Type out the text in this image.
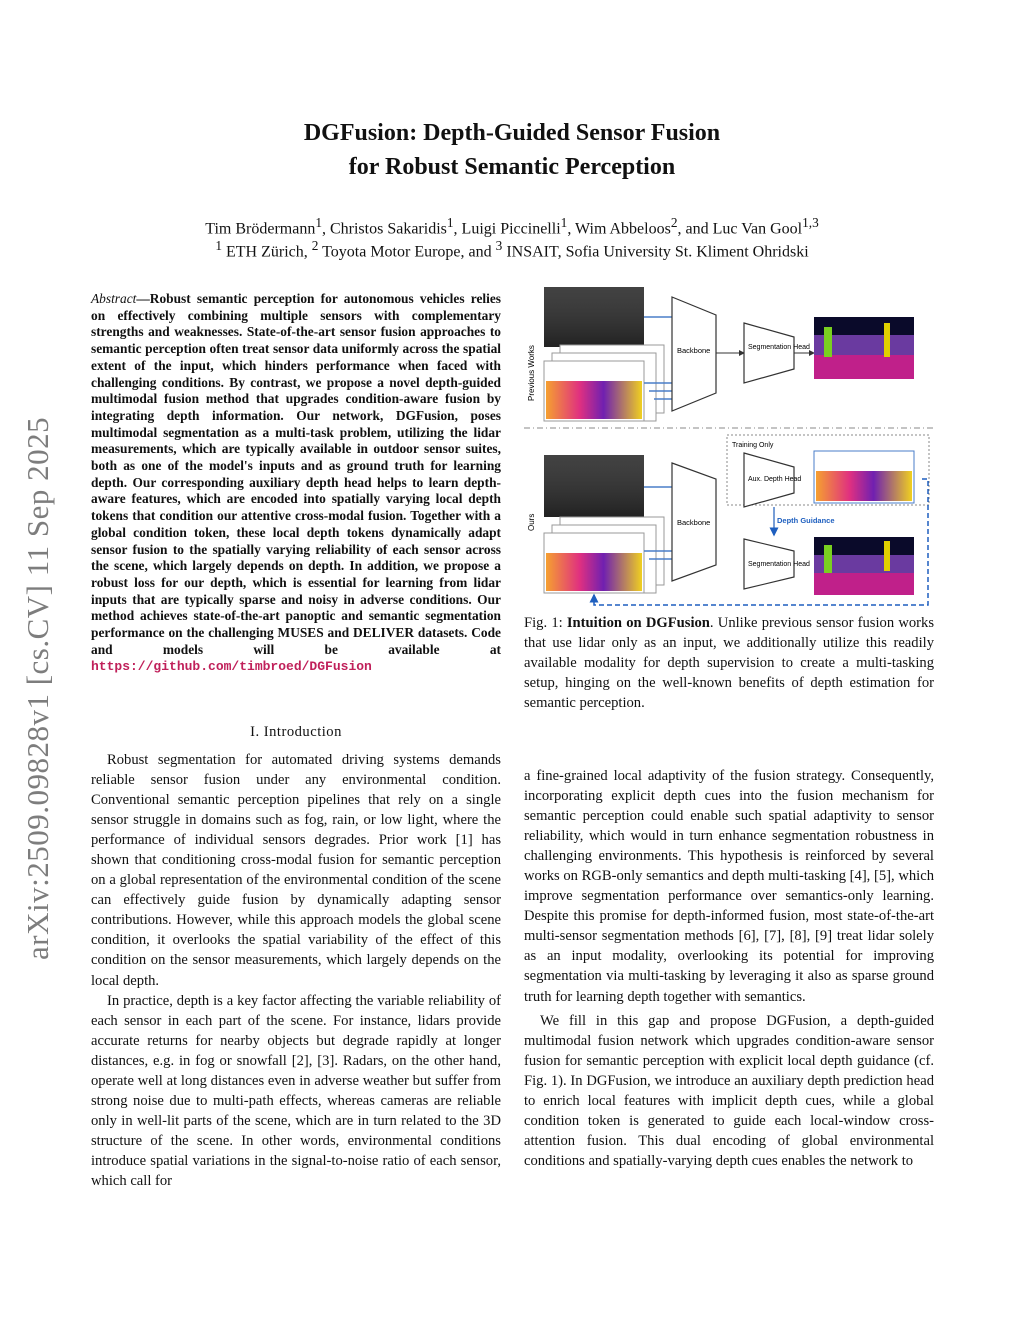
arXiv:2509.09828v1 [cs.CV] 11 Sep 2025
DGFusion: Depth-Guided Sensor Fusion
for Robust Semantic Perception
Tim Brödermann$^1$, Christos Sakaridis$^1$, Luigi Piccinelli$^1$, Wim Abbeloos$^2$, and Luc Van Gool$^{1,3}$
$^1$ ETH Zürich, $^2$ Toyota Motor Europe, and $^3$ INSAIT, Sofia University St. Kliment Ohridski
Abstract—Robust semantic perception for autonomous vehicles relies on effectively combining multiple sensors with complementary strengths and weaknesses. State-of-the-art sensor fusion approaches to semantic perception often treat sensor data uniformly across the spatial extent of the input, which hinders performance when faced with challenging conditions. By contrast, we propose a novel depth-guided multimodal fusion method that upgrades condition-aware fusion by integrating depth information. Our network, DGFusion, poses multimodal segmentation as a multi-task problem, utilizing the lidar measurements, which are typically available in outdoor sensor suites, both as one of the model's inputs and as ground truth for learning depth. Our corresponding auxiliary depth head helps to learn depth-aware features, which are encoded into spatially varying local depth tokens that condition our attentive cross-modal fusion. Together with a global condition token, these local depth tokens dynamically adapt sensor fusion to the spatially varying reliability of each sensor across the scene, which largely depends on depth. In addition, we propose a robust loss for our depth, which is essential for learning from lidar inputs that are typically sparse and noisy in adverse conditions. Our method achieves state-of-the-art panoptic and semantic segmentation performance on the challenging MUSES and DELIVER datasets. Code and models will be available at https://github.com/timbroed/DGFusion
I. Introduction

Robust segmentation for automated driving systems demands reliable sensor fusion under any environmental condition. Conventional semantic perception pipelines that rely on a single sensor struggle in domains such as fog, rain, or low light, where the performance of individual sensors degrades. Prior work [1] has shown that conditioning cross-modal fusion for semantic perception on a global representation of the environmental condition of the scene can effectively guide fusion by dynamically adapting sensor contributions. However, while this approach models the global scene condition, it overlooks the spatial variability of the effect of this condition on the sensor measurements, which largely depends on the local depth.

In practice, depth is a key factor affecting the variable reliability of each sensor in each part of the scene. For instance, lidars provide accurate returns for nearby objects but degrade rapidly at longer distances, e.g. in fog or snowfall [2], [3]. Radars, on the other hand, operate well at long distances even in adverse weather but suffer from strong noise due to multi-path effects, whereas cameras are reliable only in well-lit parts of the scene, which are in turn related to the 3D structure of the scene. In other words, environmental conditions introduce spatial variations in the signal-to-noise ratio of each sensor, which call for

Previous Works	Backbone	Segmentation Head
Ours	Backbone
Training Only
Aux. Depth Head
Depth Guidance
Segmentation Head
Fig. 1: Intuition on DGFusion. Unlike previous sensor fusion works that use lidar only as an input, we additionally utilize this readily available modality for depth supervision to create a multi-tasking setup, hinging on the well-known benefits of depth estimation for semantic perception.

a fine-grained local adaptivity of the fusion strategy. Consequently, incorporating explicit depth cues into the fusion mechanism for semantic perception could enable such spatial adaptivity to sensor reliability, which would in turn enhance segmentation robustness in challenging environments. This hypothesis is reinforced by several works on RGB-only semantics and depth multi-tasking [4], [5], which improve segmentation performance over semantics-only learning. Despite this promise for depth-informed fusion, most state-of-the-art multi-sensor segmentation methods [6], [7], [8], [9] treat lidar solely as an input modality, overlooking its potential for improving segmentation via multi-tasking by leveraging it also as sparse ground truth for learning depth together with semantics.

We fill in this gap and propose DGFusion, a depth-guided multimodal fusion network which upgrades condition-aware sensor fusion for semantic perception with explicit local depth guidance (cf. Fig. 1). In DGFusion, we introduce an auxiliary depth prediction head to enrich local features with implicit depth cues, while a global condition token is generated to guide each local-window cross-attention fusion. This dual encoding of global environmental conditions and spatially-varying depth cues enables the network to
